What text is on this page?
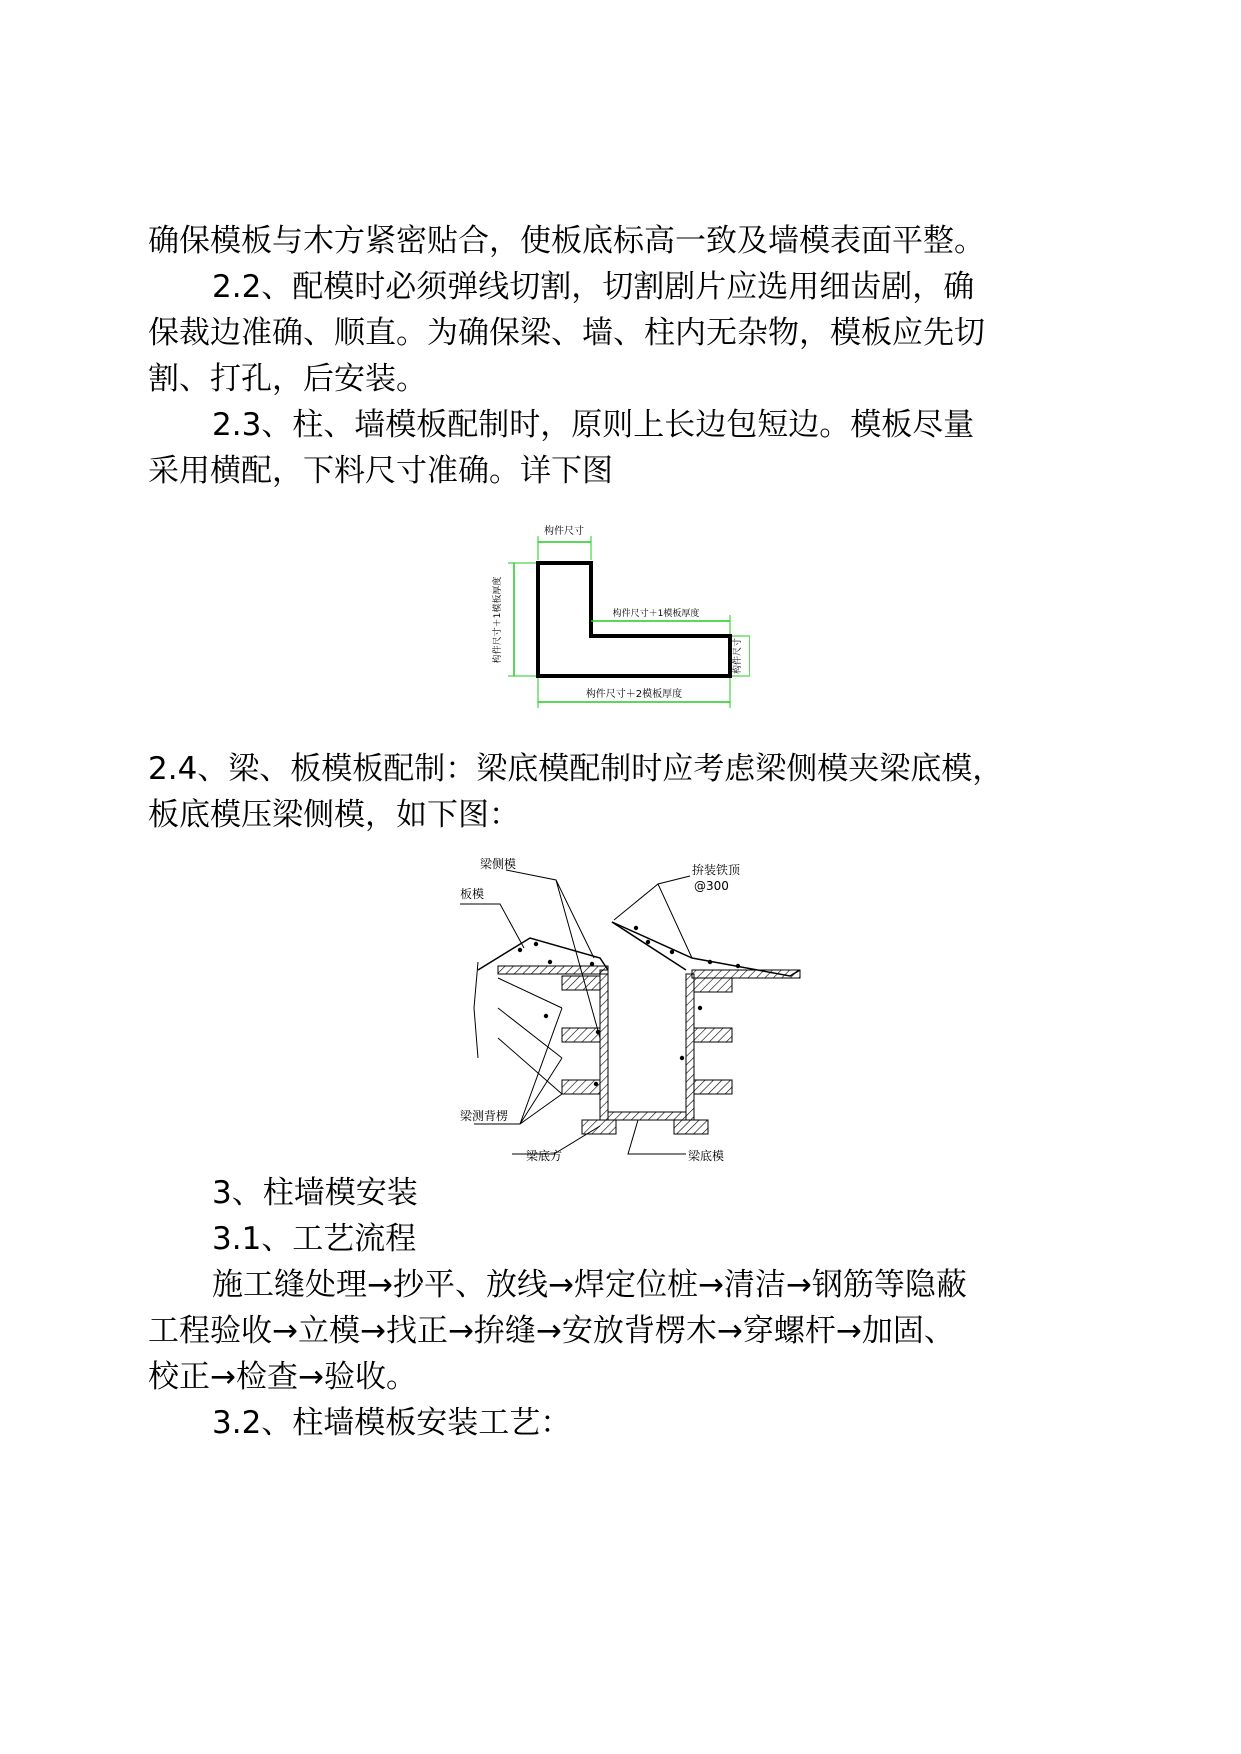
确保模板与木方紧密贴合，使板底标高一致及墙模表面平整。
2.2、配模时必须弹线切割，切割剧片应选用细齿剧，确
保裁边准确、顺直。为确保梁、墙、柱内无杂物，模板应先切
割、打孔，后安装。
2.3、柱、墙模板配制时，原则上长边包短边。模板尽量
采用横配，下料尺寸准确。详下图
构件尺寸
构件尺寸＋1模板厚度	构件尺寸＋1模板厚度
构件尺寸
构件尺寸＋2模板厚度
2.4、梁、板模板配制：梁底模配制时应考虑梁侧模夹梁底模，
板底模压梁侧模，如下图：
梁侧模
板模
拚装铁顶
@300
梁测背楞
梁底方	梁底模
3、柱墙模安装
3.1、工艺流程
施工缝处理→抄平、放线→焊定位桩→清洁→钢筋等隐蔽
工程验收→立模→找正→拚缝→安放背楞木→穿螺杆→加固、
校正→检查→验收。
3.2、柱墙模板安装工艺：
